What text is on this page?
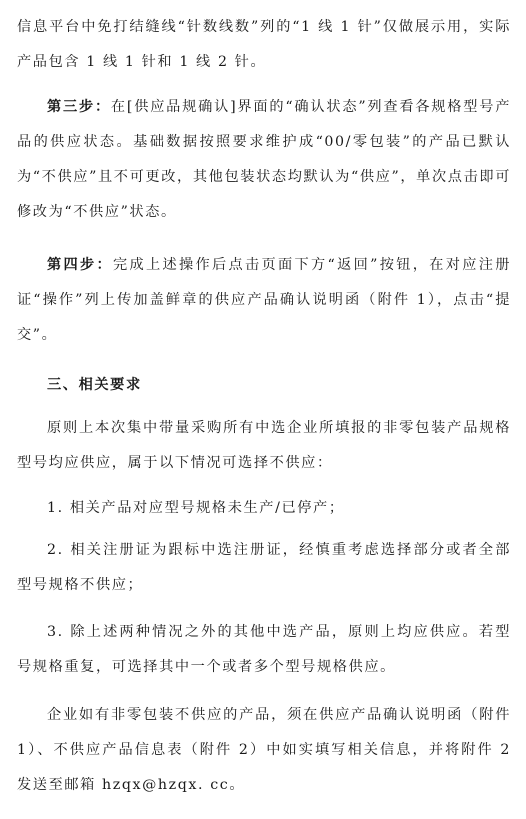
信息平台中免打结缝线“针数线数”列的“1 线 1 针”仅做展示用，实际产品包含 1 线 1 针和 1 线 2 针。

第三步：在[供应品规确认]界面的“确认状态”列查看各规格型号产品的供应状态。基础数据按照要求维护成“00/零包装”的产品已默认为“不供应”且不可更改，其他包装状态均默认为“供应”，单次点击即可修改为“不供应”状态。

第四步：完成上述操作后点击页面下方“返回”按钮，在对应注册证“操作”列上传加盖鲜章的供应产品确认说明函（附件 1），点击“提交”。

三、相关要求

原则上本次集中带量采购所有中选企业所填报的非零包装产品规格型号均应供应，属于以下情况可选择不供应：

1. 相关产品对应型号规格未生产/已停产；

2. 相关注册证为跟标中选注册证，经慎重考虑选择部分或者全部型号规格不供应；

3. 除上述两种情况之外的其他中选产品，原则上均应供应。若型号规格重复，可选择其中一个或者多个型号规格供应。

企业如有非零包装不供应的产品，须在供应产品确认说明函（附件 1）、不供应产品信息表（附件 2）中如实填写相关信息，并将附件 2 发送至邮箱 hzqx@hzqx. cc。
